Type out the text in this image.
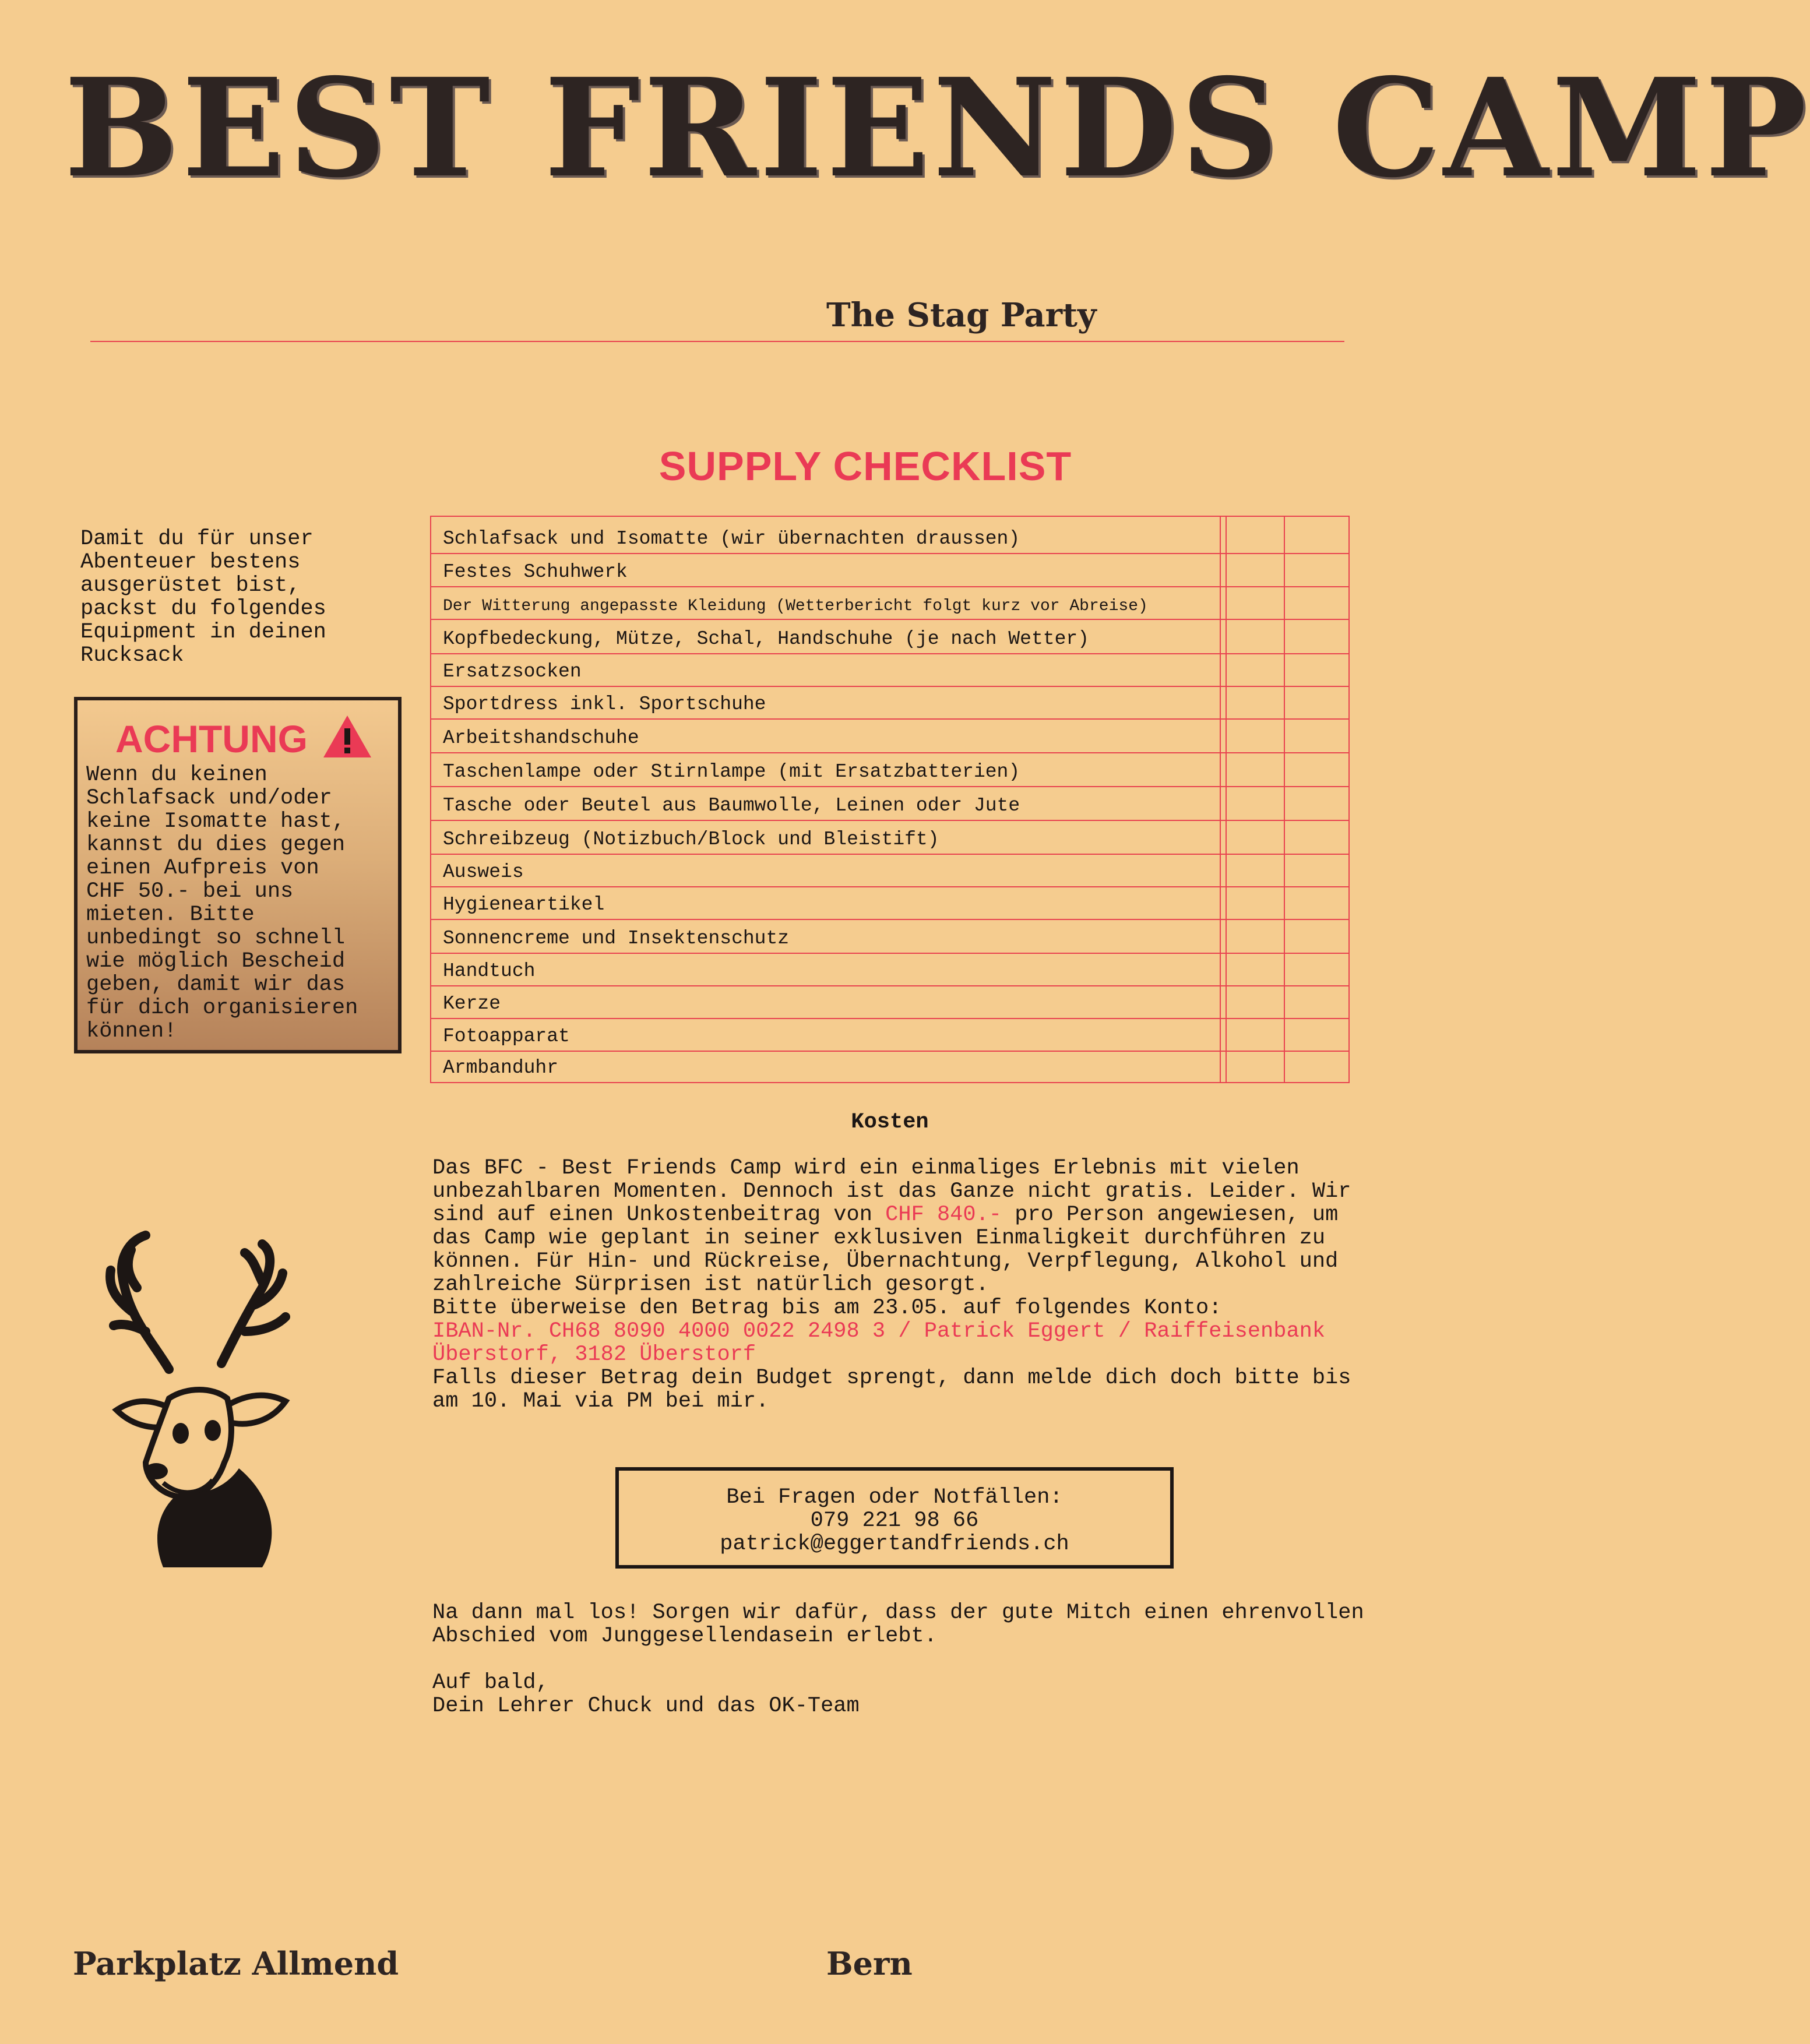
BEST FRIENDS CAMP
The Stag Party
SUPPLY CHECKLIST
Damit du für unser
Abenteuer bestens
ausgerüstet bist,
packst du folgendes
Equipment in deinen
Rucksack
ACHTUNG
Wenn du keinen
Schlafsack und/oder
keine Isomatte hast,
kannst du dies gegen
einen Aufpreis von
CHF 50.- bei uns
mieten. Bitte
unbedingt so schnell
wie möglich Bescheid
geben, damit wir das
für dich organisieren
können!
Schlafsack und Isomatte (wir übernachten draussen)
Festes Schuhwerk
Der Witterung angepasste Kleidung (Wetterbericht folgt kurz vor Abreise)
Kopfbedeckung, Mütze, Schal, Handschuhe (je nach Wetter)
Ersatzsocken
Sportdress inkl. Sportschuhe
Arbeitshandschuhe
Taschenlampe oder Stirnlampe (mit Ersatzbatterien)
Tasche oder Beutel aus Baumwolle, Leinen oder Jute
Schreibzeug (Notizbuch/Block und Bleistift)
Ausweis
Hygieneartikel
Sonnencreme und Insektenschutz
Handtuch
Kerze
Fotoapparat
Armbanduhr
Kosten

Das BFC - Best Friends Camp wird ein einmaliges Erlebnis mit vielen unbezahlbaren Momenten. Dennoch ist das Ganze nicht gratis. Leider. Wir sind auf einen Unkostenbeitrag von CHF 840.- pro Person angewiesen, um das Camp wie geplant in seiner exklusiven Einmaligkeit durchführen zu können. Für Hin- und Rückreise, Übernachtung, Verpflegung, Alkohol und zahlreiche Sürprisen ist natürlich gesorgt.

Bitte überweise den Betrag bis am 23.05. auf folgendes Konto:

IBAN-Nr. CH68 8090 4000 0022 2498 3 / Patrick Eggert / Raiffeisenbank Überstorf, 3182 Überstorf

Falls dieser Betrag dein Budget sprengt, dann melde dich doch bitte bis am 10. Mai via PM bei mir.

Bei Fragen oder Notfällen:
079 221 98 66
patrick@eggertandfriends.ch

Na dann mal los! Sorgen wir dafür, dass der gute Mitch einen ehrenvollen Abschied vom Junggesellendasein erlebt.

Auf bald,
Dein Lehrer Chuck und das OK-Team
Parkplatz Allmend	Bern
